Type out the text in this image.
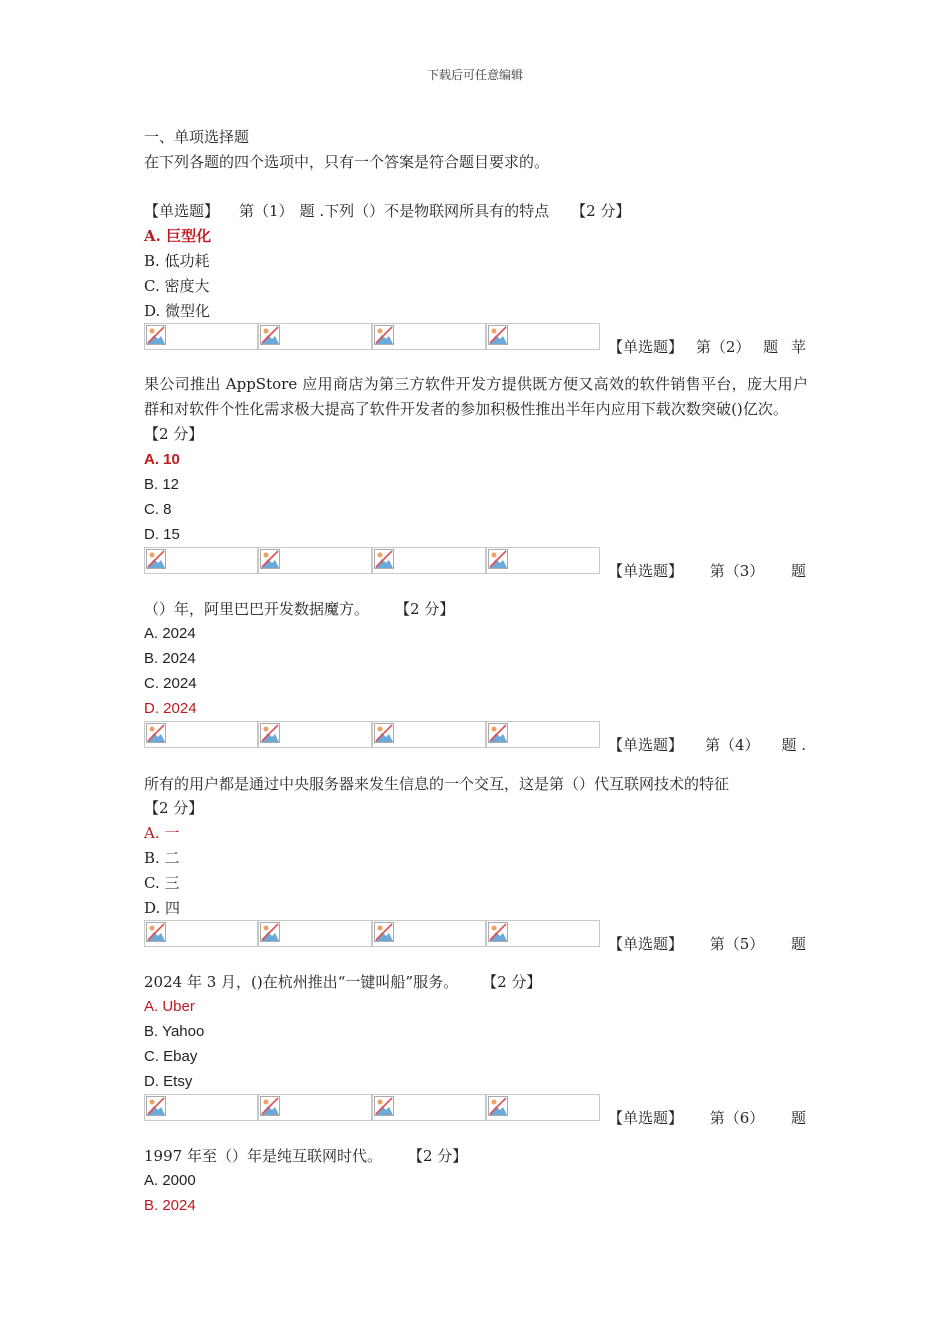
下载后可任意编辑
一、单项选择题
在下列各题的四个选项中，只有一个答案是符合题目要求的。
【单选题】 第（1） 题 .下列（）不是物联网所具有的特点 【2 分】
A. 巨型化
B. 低功耗
C. 密度大
D. 微型化
【单选题】 第（2） 题 苹
果公司推出 AppStore 应用商店为第三方软件开发方提供既方便又高效的软件销售平台，庞大用户群和对软件个性化需求极大提高了软件开发者的参加积极性推出半年内应用下载次数突破()亿次。【2 分】
A. 10
B. 12
C. 8
D. 15
【单选题】 第（3） 题
（）年，阿里巴巴开发数据魔方。 【2 分】
A. 2024
B. 2024
C. 2024
D. 2024
【单选题】 第（4） 题 .
所有的用户都是通过中央服务器来发生信息的一个交互，这是第（）代互联网技术的特征
【2 分】
A. 一
B. 二
C. 三
D. 四
【单选题】 第（5） 题
2024 年 3 月，()在杭州推出“一键叫船”服务。 【2 分】
A. Uber
B. Yahoo
C. Ebay
D. Etsy
【单选题】 第（6） 题
1997 年至（）年是纯互联网时代。 【2 分】
A. 2000
B. 2024
